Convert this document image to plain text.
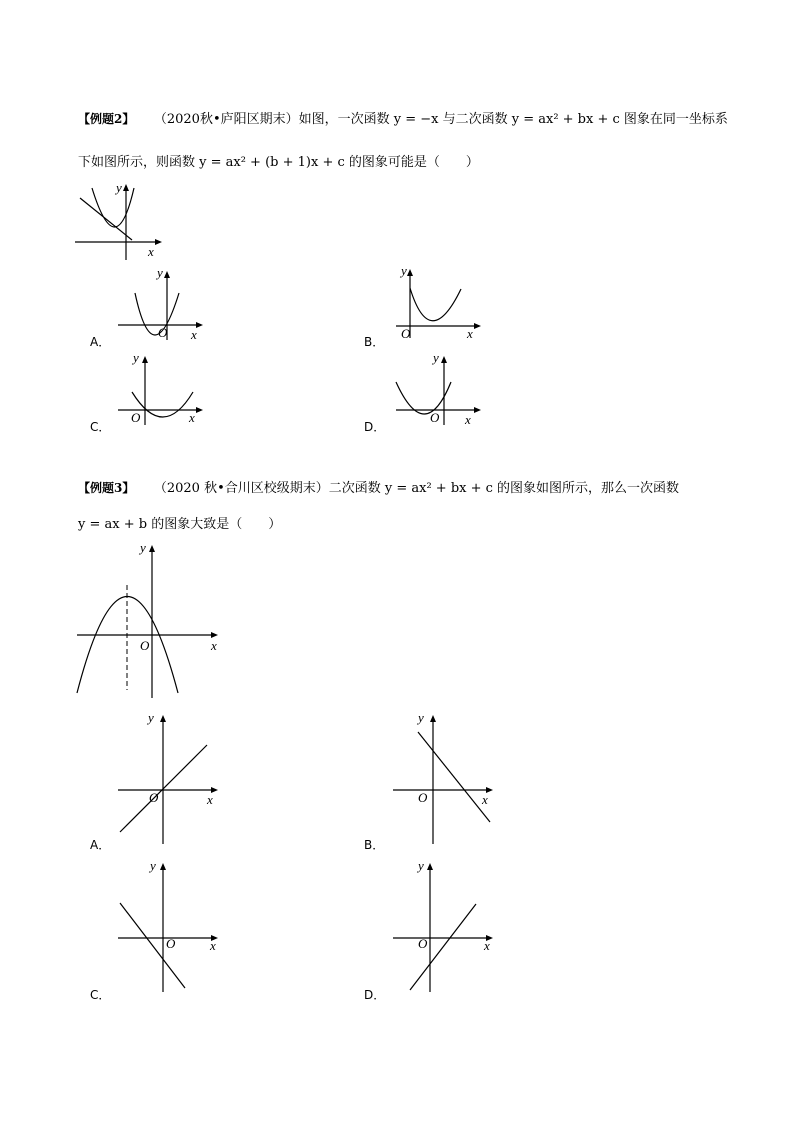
【例题2】 （2020秋•庐阳区期末）如图，一次函数 y = −x 与二次函数 y = ax² + bx + c 图象在同一坐标系
下如图所示，则函数 y = ax² + (b + 1)x + c 的图象可能是（　　）
y
x
y
x
O
A．
y
x
O
B．
y
x
O
C．
y
x
O
D．
【例题3】 （2020 秋•合川区校级期末）二次函数 y = ax² + bx + c 的图象如图所示，那么一次函数
y = ax + b 的图象大致是（　　）
y
x
O
y
x
O
A．
y
x
O
B．
y
x
O
C．
y
x
O
D．
